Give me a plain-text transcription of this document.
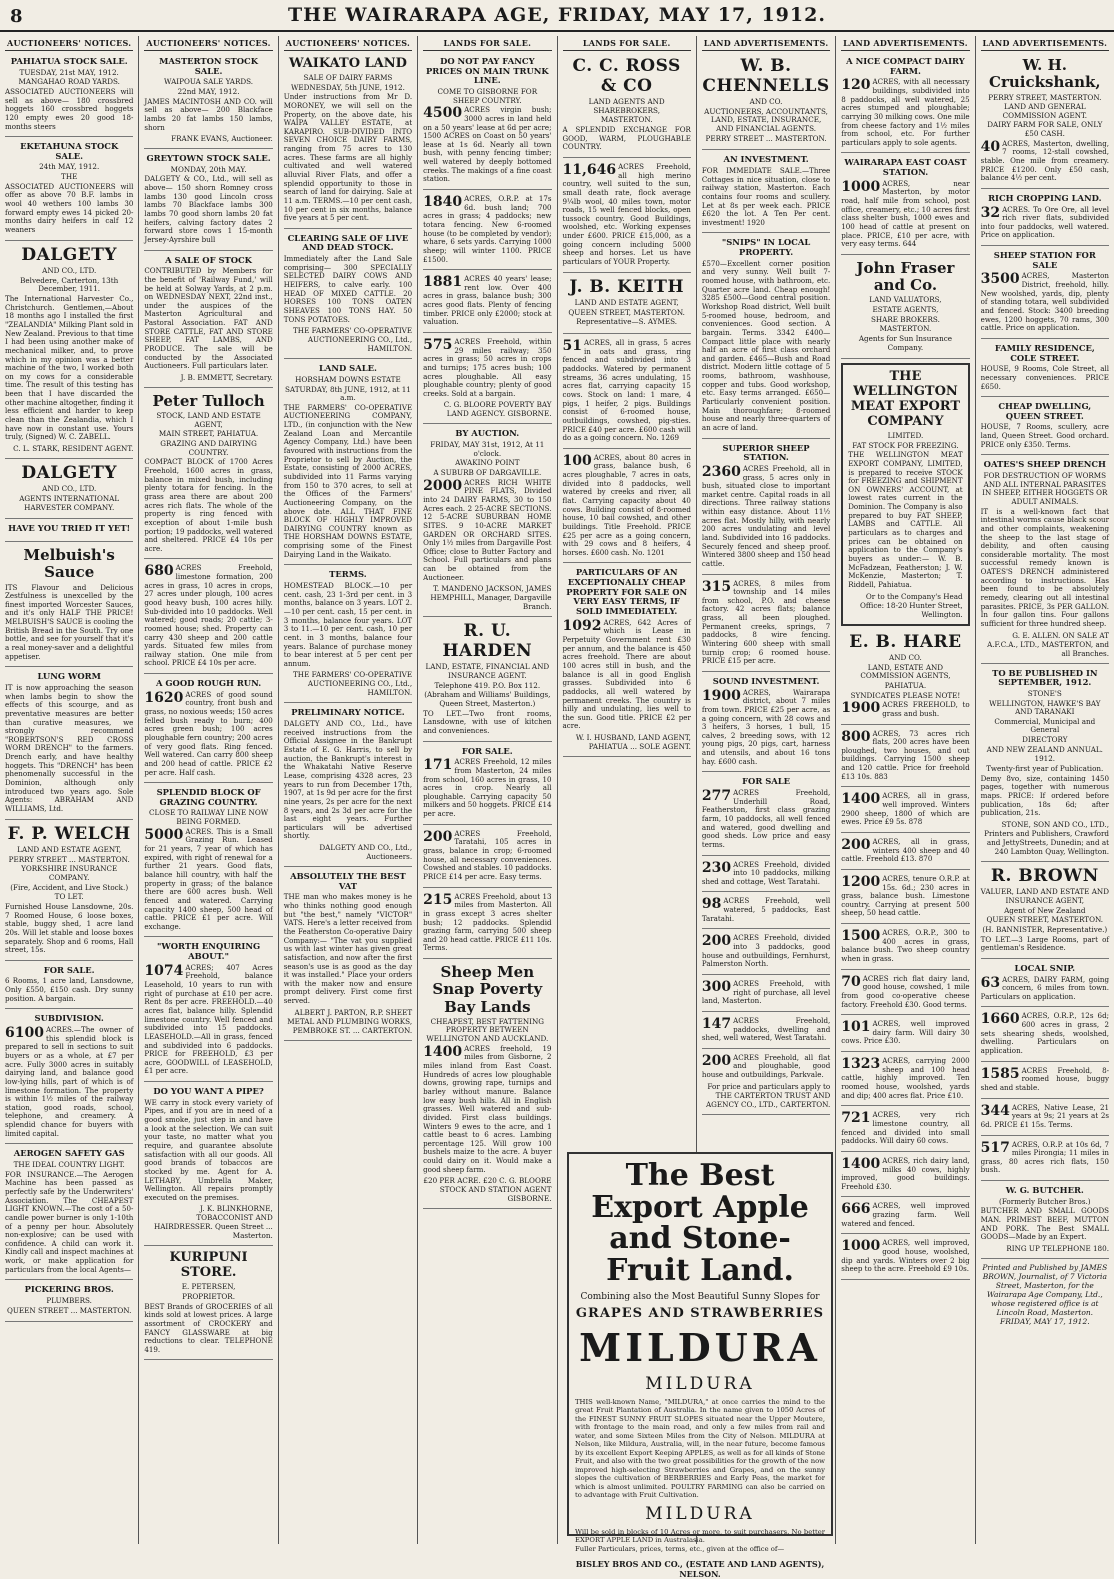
8	THE WAIRARAPA AGE, FRIDAY, MAY 17, 1912.
AUCTIONEERS' NOTICES.
PAHIATUA STOCK SALE.
TUESDAY, 21st MAY, 1912.
MANGAHAO ROAD YARDS.
ASSOCIATED AUCTIONEERS will sell as above— 180 crossbred hoggets 160 crossbred hoggets 120 empty ewes 20 good 18-months steers
EKETAHUNA STOCK SALE.
24th MAY, 1912.
THE
ASSOCIATED AUCTIONEERS will offer as above 70 B.F. lambs in wool 40 wethers 100 lambs 30 forward empty ewes 14 picked 20-months dairy heifers in calf 12 weaners
DALGETY
AND CO., LTD.
Belvedere, Carterton, 13th December, 1911.
The International Harvester Co., Christchurch. Gentlemen,—About 18 months ago I installed the first "ZEALANDIA" Milking Plant sold in New Zealand. Previous to that time I had been using another make of mechanical milker, and, to prove which in my opinion was a better machine of the two, I worked both on my cows for a considerable time. The result of this testing has been that I have discarded the other machine altogether, finding it less efficient and harder to keep clean than the Zealandia, which I have now in constant use. Yours truly, (Signed) W. C. ZABELL.
C. L. STARK, RESIDENT AGENT.
DALGETY
AND CO., LTD.
AGENTS INTERNATIONAL HARVESTER COMPANY.
HAVE YOU TRIED IT YET!
Melbuish's Sauce
ITS Flavour and Delicious Zestfulness is unexcelled by the finest imported Worcester Sauces, and it's only HALF THE PRICE! MELBUISH'S SAUCE is cooling the British Bread in the South. Try one bottle, and see for yourself that it's a real money-saver and a delightful appetiser.
LUNG WORM
IT is now approaching the season when lambs begin to show the effects of this scourge, and as preventative measures are better than curative measures, we strongly recommend "ROBERTSON'S RED CROSS WORM DRENCH" to the farmers. Drench early, and have healthy hoggets. This "DRENCH" has been phenomenally successful in the Dominion, although only introduced two years ago. Sole Agents: ABRAHAM AND WILLIAMS, Ltd.
F. P. WELCH
LAND AND ESTATE AGENT,
PERRY STREET ... MASTERTON.
YORKSHIRE INSURANCE COMPANY.
(Fire, Accident, and Live Stock.)
TO LET.
Furnished House Lansdowne, 20s. 7 Roomed House, 6 loose boxes, stable, buggy shed, 1 acre land 20s. Will let stable and loose boxes separately. Shop and 6 rooms, Hall street, 15s.
FOR SALE.
6 Rooms, 1 acre land, Lansdowne, Only £550, £150 cash. Dry sunny position. A bargain.
SUBDIVISION.
6100 ACRES.—The owner of this splendid block is prepared to sell in sections to suit buyers or as a whole, at £7 per acre. Fully 3000 acres in suitably dairying land, and balance good low-lying hills, part of which is of limestone formation. The property is within 1½ miles of the railway station, good roads, school, telephone, and creamery. A splendid chance for buyers with limited capital.
AEROGEN SAFETY GAS
THE IDEAL COUNTRY LIGHT.
FOR INSURANCE.—The Aerogen Machine has been passed as perfectly safe by the Underwriters' Association. The CHEAPEST LIGHT KNOWN.—The cost of a 50-candle power burner is only 1-10th of a penny per hour. Absolutely non-explosive; can be used with confidence. A child can work it. Kindly call and inspect machines at work, or make application for particulars from the local Agents—
PICKERING BROS.
PLUMBERS.
QUEEN STREET ... MASTERTON.
AUCTIONEERS' NOTICES.
MASTERTON STOCK SALE.
WAIPOUA SALE YARDS.
22nd MAY, 1912.
JAMES MACINTOSH AND CO. will sell as above— 200 Blackface lambs 20 fat lambs 150 lambs, shorn
FRANK EVANS, Auctioneer.
GREYTOWN STOCK SALE.
MONDAY, 20th MAY.
DALGETY & CO., Ltd., will sell as above— 150 shorn Romney cross lambs 130 good Lincoln cross lambs 70 Blackface lambs 300 lambs 70 good shorn lambs 20 fat heifers, calving factory dates 2 forward store cows 1 15-month Jersey-Ayrshire bull
A SALE OF STOCK
CONTRIBUTED by Members for the benefit of 'Railway Fund,' will be held at Solway Yards, at 2 p.m. on WEDNESDAY NEXT, 22nd inst., under the auspices of the Masterton Agricultural and Pastoral Association. FAT AND STORE CATTLE, FAT AND STORE SHEEP, FAT LAMBS, AND PRODUCE. The sale will be conducted by the Associated Auctioneers. Full particulars later.
J. B. EMMETT, Secretary.
Peter Tulloch
STOCK, LAND AND ESTATE AGENT,
MAIN STREET, PAHIATUA.
GRAZING AND DAIRYING COUNTRY.
COMPACT BLOCK of 1700 Acres Freehold, 1600 acres in grass, balance in mixed bush, including plenty totara for fencing. In the grass area there are about 200 acres rich flats. The whole of the property is ring fenced with exception of about 1-mile bush portion; 19 paddocks, well watered and sheltered. PRICE £4 10s per acre.
680 ACRES Freehold, limestone formation, 200 acres in grass, 10 acres in crops, 27 acres under plough, 100 acres good heavy bush, 100 acres hilly. Sub-divided into 10 paddocks. Well watered; good roads; 20 cattle; 3-roomed house; shed. Property can carry 430 sheep and 200 cattle yards. Situated few miles from railway station. One mile from school. PRICE £4 10s per acre.
A GOOD ROUGH RUN.
1620 ACRES of good sound country, front bush and grass, no noxious weeds; 150 acres felled bush ready to burn; 400 acres green bush; 100 acres ploughable fern country; 200 acres of very good flats. Ring fenced. Well watered. Can carry 800 sheep and 200 head of cattle. PRICE £2 per acre. Half cash.
SPLENDID BLOCK OF GRAZING COUNTRY.
CLOSE TO RAILWAY LINE NOW BEING FORMED.
5000 ACRES. This is a Small Grazing Run. Leased for 21 years, 7 year of which has expired, with right of renewal for a further 21 years. Good flats, balance hill country, with half the property in grass; of the balance there are 600 acres bush. Well fenced and watered. Carrying capacity 1400 sheep, 500 head of cattle. PRICE £1 per acre. Will exchange.
"WORTH ENQUIRING ABOUT."
1074 ACRES; 407 Acres Freehold, balance Leasehold, 10 years to run with right of purchase at £10 per acre. Rent 8s per acre. FREEHOLD.—40 acres flat, balance hilly. Splendid limestone country. Well fenced and subdivided into 15 paddocks. LEASEHOLD.—All in grass, fenced and subdivided into 6 paddocks. PRICE for FREEHOLD, £3 per acre, GOODWILL of LEASEHOLD, £1 per acre.
DO YOU WANT A PIPE?
WE carry in stock every variety of Pipes, and if you are in need of a good smoke, just step in and have a look at the selection. We can suit your taste, no matter what you require, and guarantee absolute satisfaction with all our goods. All good brands of tobaccos are stocked by me. Agent for A. LETHABY, Umbrella Maker, Wellington. All repairs promptly executed on the premises.
J. K. BLINKHORNE, TOBACCONIST AND HAIRDRESSER. Queen Street ... Masterton.
KURIPUNI STORE.
E. PETERSEN,
PROPRIETOR.
BEST Brands of GROCERIES of all kinds sold at lowest prices. A large assortment of CROCKERY and FANCY GLASSWARE at big reductions to clear. TELEPHONE 419.
AUCTIONEERS' NOTICES.
WAIKATO LAND
SALE OF DAIRY FARMS
WEDNESDAY, 5th JUNE, 1912.
Under instructions from Mr D. MORONEY, we will sell on the Property, on the above date, his WAIPA VALLEY ESTATE, at KARAPIRO. SUB-DIVIDED INTO SEVEN CHOICE DAIRY FARMS, ranging from 75 acres to 130 acres. These farms are all highly cultivated and well watered alluvial River Flats, and offer a splendid opportunity to those in search of land for dairying. Sale at 11 a.m. TERMS.—10 per cent cash, 10 per cent in six months, balance five years at 5 per cent.
CLEARING SALE OF LIVE AND DEAD STOCK.
Immediately after the Land Sale comprising— 300 SPECIALLY SELECTED DAIRY COWS AND HEIFERS, to calve early. 100 HEAD OF MIXED CATTLE. 20 HORSES 100 TONS OATEN SHEAVES 100 TONS HAY. 50 TONS POTATOES.
THE FARMERS' CO-OPERATIVE AUCTIONEERING CO., Ltd., HAMILTON.
LAND SALE.
HORSHAM DOWNS ESTATE
SATURDAY, 8th JUNE, 1912, at 11 a.m.
THE FARMERS' CO-OPERATIVE AUCTIONEERING COMPANY, LTD., (in conjunction with the New Zealand Loan and Mercantile Agency Company, Ltd.) have been favoured with instructions from the Proprietor to sell by Auction, the Estate, consisting of 2000 ACRES, subdivided into 11 Farms varying from 150 to 370 acres, to sell at the Offices of the Farmers' Auctioneering Company, on the above date. ALL THAT FINE BLOCK OF HIGHLY IMPROVED DAIRYING COUNTRY known as THE HORSHAM DOWNS ESTATE, comprising some of the Finest Dairying Land in the Waikato.
TERMS.
HOMESTEAD BLOCK.—10 per cent. cash, 23 1-3rd per cent. in 3 months, balance on 3 years. LOT 2.—10 per cent. cash, 15 per cent. in 3 months, balance four years. LOT 3 to 11.—10 per cent. cash, 10 per cent. in 3 months, balance four years. Balance of purchase money to bear interest at 5 per cent per annum.
THE FARMERS' CO-OPERATIVE AUCTIONEERING CO., Ltd., HAMILTON.
PRELIMINARY NOTICE.
DALGETY AND CO., Ltd., have received instructions from the Official Assignee in the Bankrupt Estate of E. G. Harris, to sell by auction, the Bankrupt's interest in the Whakatahi Native Reserve Lease, comprising 4328 acres, 23 years to run from December 17th, 1907, at 1s 9d per acre for the first nine years, 2s per acre for the next 8 years, and 2s 3d per acre for the last eight years. Further particulars will be advertised shortly.
DALGETY AND CO., Ltd., Auctioneers.
ABSOLUTELY THE BEST VAT
THE man who makes money is he who thinks nothing good enough but "the best," namely "VICTOR" VATS. Here's a letter received from the Featherston Co-operative Dairy Company:— "The vat you supplied us with last winter has given great satisfaction, and now after the first season's use is as good as the day it was installed." Place your orders with the maker now and ensure prompt delivery. First come first served.
ALBERT J. PARTON, R.P. SHEET METAL AND PLUMBING WORKS, PEMBROKE ST. ... CARTERTON.
LANDS FOR SALE.
DO NOT PAY FANCY PRICES ON MAIN TRUNK LINE.
COME TO GISBORNE FOR SHEEP COUNTRY.
4500 ACRES virgin bush; 3000 acres in land held on a 50 years' lease at 6d per acre; 1500 ACRES on Coast on 50 years' lease at 1s 6d. Nearly all town bush, with penny fencing timber; well watered by deeply bottomed creeks. The makings of a fine coast station.
1840 ACRES, O.R.P. at 17s 6d. bush land; 700 acres in grass; 4 paddocks; new totara fencing. New 6-roomed house (to be completed by vendor); whare, 6 sets yards. Carrying 1000 sheep; will winter 1100. PRICE £1500.
1881 ACRES 40 years' lease; rent low. Over 400 acres in grass, balance bush; 300 acres good flats. Plenty of fencing timber. PRICE only £2000; stock at valuation.
575 ACRES Freehold, within 29 miles railway; 350 acres in grass; 50 acres in crops and turnips; 175 acres bush; 100 acres ploughable. All easy ploughable country; plenty of good creeks. Sold at a bargain.
C. G. BLOORE POVERTY BAY LAND AGENCY. GISBORNE.
BY AUCTION.
FRIDAY, MAY 31st, 1912, At 11 o'clock.
AWAKINO POINT
A SUBURB OF DARGAVILLE.
2000 ACRES RICH WHITE PINE FLATS, Divided into 24 DAIRY FARMS, 30 to 150 Acres each. 2 25-ACRE SECTIONS. 12 5-ACRE SUBURBAN HOME SITES. 9 10-ACRE MARKET GARDEN OR ORCHARD SITES. Only 1½ miles from Dargaville Post Office; close to Butter Factory and School. Full particulars and plans can be obtained from the Auctioneer.
T. MANDENO JACKSON, JAMES HEMPHILL, Manager, Dargaville Branch.
R. U. HARDEN
LAND, ESTATE, FINANCIAL AND INSURANCE AGENT.
Telephone 419. P.O. Box 112.
(Abraham and Williams' Buildings, Queen Street, Masterton.)
TO LET.—Two front rooms, Lansdowne, with use of kitchen and conveniences.
FOR SALE.
171 ACRES Freehold, 12 miles from Masterton, 24 miles from school, 160 acres in grass, 10 acres in crop. Nearly all ploughable. Carrying capacity 50 milkers and 50 hoggets. PRICE £14 per acre.
200 ACRES Freehold, Taratahi, 105 acres in grass, balance in crop; 6-roomed house, all necessary conveniences. Cowshed and stables. 10 paddocks. PRICE £14 per acre. Easy terms.
215 ACRES Freehold, about 13 miles from Masterton. All in grass except 3 acres shelter bush; 12 paddocks. Splendid grazing farm, carrying 500 sheep and 20 head cattle. PRICE £11 10s. Terms.
Sheep Men Snap Poverty Bay Lands
CHEAPEST, BEST FATTENING PROPERTY BETWEEN WELLINGTON AND AUCKLAND.
1400 ACRES freehold, 19 miles from Gisborne, 2 miles inland from East Coast. Hundreds of acres low ploughable downs, growing rape, turnips and barley without manure. Balance low easy bush hills. All in English grasses. Well watered and sub-divided. First class buildings. Winters 9 ewes to the acre, and 1 cattle beast to 6 acres. Lambing percentage 125. Will grow 100 bushels maize to the acre. A buyer could dairy on it. Would make a good sheep farm.
£20 PER ACRE. £20 C. G. BLOORE STOCK AND STATION AGENT GISBORNE.
LANDS FOR SALE.
C. C. ROSS & CO
LAND AGENTS AND SHAREBROKERS,
MASTERTON.
A SPLENDID EXCHANGE FOR GOOD, WARM, PLOUGHABLE COUNTRY.
11,646 ACRES Freehold, all high merino country, well suited to the sun, small death rate, flock average 9¼lb wool, 40 miles town, motor roads, 15 well fenced blocks, open tussock country. Good Buildings, woolshed, etc. Working expenses under £600. PRICE £15,000, as a going concern including 5000 sheep and horses. Let us have particulars of YOUR Property.
J. B. KEITH
LAND AND ESTATE AGENT,
QUEEN STREET, MASTERTON.
Representative—S. AYMES.
51 ACRES, all in grass, 5 acres in oats and grass, ring fenced and subdivided into 3 paddocks. Watered by permanent streams, 36 acres undulating, 15 acres flat, carrying capacity 15 cows. Stock on land: 1 mare, 4 pigs, 1 heifer, 2 pigs. Buildings consist of 6-roomed house, outbuildings, cowshed, pig-sties. PRICE £40 per acre. £600 cash will do as a going concern. No. 1269
100 ACRES, about 80 acres in grass, balance bush, 6 acres ploughable, 7 acres in oats, divided into 8 paddocks, well watered by creeks and river, all flat. Carrying capacity about 40 cows. Building consist of 8-roomed house, 10 bail cowshed, and other buildings. Title Freehold. PRICE £25 per acre as a going concern, with 29 cows and 8 heifers, 4 horses. £600 cash. No. 1201
PARTICULARS OF AN EXCEPTIONALLY CHEAP PROPERTY FOR SALE ON VERY EASY TERMS, IF SOLD IMMEDIATELY.
1092 ACRES, 642 Acres of which is Lease in Perpetuity Government rent £30 per annum, and the balance is 450 acres freehold. There are about 100 acres still in bush, and the balance is all in good English grasses. Subdivided into 6 paddocks, all well watered by permanent creeks. The country is hilly and undulating, lies well to the sun. Good title. PRICE £2 per acre.
W. I. HUSBAND, LAND AGENT, PAHIATUA ... SOLE AGENT.
LAND ADVERTISEMENTS.
W. B. CHENNELLS
AND CO.
AUCTIONEERS, ACCOUNTANTS, LAND, ESTATE, INSURANCE, AND FINANCIAL AGENTS.
PERRY STREET ... MASTERTON.
AN INVESTMENT.
FOR IMMEDIATE SALE.—Three Cottages in nice situation, close to railway station, Masterton. Each contains four rooms and scullery. Let at 8s per week each. PRICE £620 the lot. A Ten Per cent. investment! 1920
"SNIPS" IN LOCAL PROPERTY.
£570—Excellent corner position and very sunny. Well built 7-roomed house, with bathroom, etc. Quarter acre land. Cheap enough! 3285 £500—Good central position. Workshop Road district, Well built 5-roomed house, bedroom, and conveniences. Good section. A bargain. Terms. 3342 £400—Compact little place with nearly half an acre of first class orchard and garden. £465—Bush and Road district. Modern little cottage of 5 rooms, bathroom, washhouse, copper and tubs. Good workshop, etc. Easy terms arranged. £650—Particularly convenient position. Main thoroughfare; 8-roomed house and nearly three-quarters of an acre of land.
SUPERIOR SHEEP STATION.
2360 ACRES Freehold, all in grass, 5 acres only in bush, situated close to important market centre. Capital roads in all directions. Three railway stations within easy distance. About 11½ acres flat. Mostly hilly, with nearly 200 acres undulating and level land. Subdivided into 16 paddocks. Securely fenced and sheep proof. Wintered 3800 sheep and 150 head cattle.
315 ACRES, 8 miles from township and 14 miles from school, P.O. and cheese factory. 42 acres flats; balance grass, all been ploughed. Permanent creeks, springs, 7 paddocks, 8 wire fencing. Wintering 600 sheep with small turnip crop; 6 roomed house. PRICE £15 per acre.
SOUND INVESTMENT.
1900 ACRES, Wairarapa district, about 7 miles from town. PRICE £25 per acre, as a going concern, with 28 cows and 3 heifers, 3 horses, 1 bull, 15 calves, 2 breeding sows, with 12 young pigs, 20 pigs, cart, harness and utensils, and about 16 tons hay. £600 cash.
FOR SALE
277 ACRES Freehold, Underhill Road, Featherston, first class grazing farm, 10 paddocks, all well fenced and watered, good dwelling and good sheds. Low price and easy terms.
230 ACRES Freehold, divided into 10 paddocks, milking shed and cottage, West Taratahi.
98 ACRES Freehold, well watered, 5 paddocks, East Taratahi.
200 ACRES Freehold, divided into 3 paddocks, good house and outbuildings, Fernhurst, Palmerston North.
300 ACRES Freehold, with right of purchase, all level land, Masterton.
147 ACRES Freehold, paddocks, dwelling and shed, well watered, West Taratahi.
200 ACRES Freehold, all flat and ploughable, good house and outbuildings, Parkvale.
For price and particulars apply to THE CARTERTON TRUST AND AGENCY CO., LTD., CARTERTON.
LAND ADVERTISEMENTS.
A NICE COMPACT DAIRY FARM.
120 ACRES, with all necessary buildings, subdivided into 8 paddocks, all well watered, 25 acres stumped and ploughable; carrying 30 milking cows. One mile from cheese factory and 1½ miles from school, etc. For further particulars apply to sole agents.
WAIRARAPA EAST COAST STATION.
1000 ACRES, near Masterton, by motor road, half mile from school, post office, creamery, etc.; 10 acres first class shelter bush, 1000 ewes and 100 head of cattle at present on place. PRICE, £10 per acre, with very easy terms. 644
John Fraser and Co.
LAND VALUATORS,
ESTATE AGENTS,
SHARE BROKERS.
MASTERTON.
Agents for Sun Insurance Company.
THE WELLINGTON MEAT EXPORT COMPANY
LIMITED.
FAT STOCK FOR FREEZING.
THE WELLINGTON MEAT EXPORT COMPANY, LIMITED, is prepared to receive STOCK for FREEZING and SHIPMENT ON OWNERS' ACCOUNT, at lowest rates current in the Dominion. The Company is also prepared to buy FAT SHEEP, LAMBS and CATTLE. All particulars as to charges and prices can be obtained on application to the Company's buyers as under:— W. B. McFadzean, Featherston; J. W. McKenzie, Masterton; T. Riddell, Pahiatua.
Or to the Company's Head Office: 18-20 Hunter Street, Wellington.
E. B. HARE
AND CO.
LAND, ESTATE AND COMMISSION AGENTS,
PAHIATUA.
SYNDICATES PLEASE NOTE!
1900 ACRES FREEHOLD, to grass and bush.
800 ACRES, 73 acres rich flats, 200 acres have been ploughed, two houses, and out buildings. Carrying 1500 sheep and 120 cattle. Price for freehold £13 10s. 883
1400 ACRES, all in grass, well improved. Winters 2900 sheep, 1800 of which are ewes. Price £9 5s. 878
200 ACRES, all in grass, winters 400 sheep and 40 cattle. Freehold £13. 870
1200 ACRES, tenure O.R.P. at 15s. 6d.; 230 acres in grass, balance bush. Limestone country. Carrying at present 500 sheep, 50 head cattle.
1500 ACRES, O.R.P., 300 to 400 acres in grass, balance bush. Two sheep country when in grass.
70 ACRES rich flat dairy land, good house, cowshed, 1 mile from good co-operative cheese factory. Freehold £30. Good terms.
101 ACRES, well improved dairy farm. Will dairy 30 cows. Price £30.
1323 ACRES, carrying 2000 sheep and 100 head cattle, highly improved. Ten roomed house, woolshed, yards and dip; 400 acres flat. Price £10.
721 ACRES, very rich limestone country, all fenced and divided into small paddocks. Will dairy 60 cows.
1400 ACRES, rich dairy land, milks 40 cows, highly improved, good buildings. Freehold £30.
666 ACRES, well improved grazing farm. Well watered and fenced.
1000 ACRES, well improved, good house, woolshed, dip and yards. Winters over 2 big sheep to the acre. Freehold £9 10s.
LAND ADVERTISEMENTS.
W. H. Cruickshank,
PERRY STREET, MASTERTON.
LAND AND GENERAL COMMISSION AGENT.
DAIRY FARM FOR SALE, ONLY £50 CASH.
40 ACRES, Masterton, dwelling, 7 rooms, 12-stall cowshed, stable. One mile from creamery. PRICE £1200. Only £50 cash, balance 4½ per cent.
RICH CROPPING LAND.
32 ACRES. To Ore Ore, all level rich river flats, subdivided into four paddocks, well watered. Price on application.
SHEEP STATION FOR SALE
3500 ACRES, Masterton District, freehold, hilly. New woolshed, yards, dip, plenty of standing totara, well subdivided and fenced. Stock: 3400 breeding ewes, 1200 hoggets, 70 rams, 300 cattle. Price on application.
FAMILY RESIDENCE, COLE STREET.
HOUSE, 9 Rooms, Cole Street, all necessary conveniences. PRICE £650.
CHEAP DWELLING, QUEEN STREET.
HOUSE, 7 Rooms, scullery, acre land, Queen Street. Good orchard. PRICE only £350. Terms.
OATES'S SHEEP DRENCH
FOR DESTRUCTION OF WORMS AND ALL INTERNAL PARASITES IN SHEEP, EITHER HOGGETS OR ADULT ANIMALS.
IT is a well-known fact that intestinal worms cause black scour and other complaints, weakening the sheep to the last stage of debility, and often causing considerable mortality. The most successful remedy known is OATES'S DRENCH administered according to instructions. Has been found to be absolutely remedy, clearing out all intestinal parasites. PRICE, 3s PER GALLON. In four gallon tins. Four gallons sufficient for three hundred sheep.
G. E. ALLEN. ON SALE AT A.F.C.A., LTD., MASTERTON, and all Branches.
TO BE PUBLISHED IN SEPTEMBER, 1912.
STONE'S
WELLINGTON, HAWKE'S BAY AND TARANAKI
Commercial, Municipal and General
DIRECTORY
AND NEW ZEALAND ANNUAL.
1912.
Twenty-first year of Publication.
Demy 8vo, size, containing 1450 pages, together with numerous maps. PRICE: If ordered before publication, 18s 6d; after publication, 21s.
STONE, SON AND CO., LTD., Printers and Publishers, Crawford and JettyStreets, Dunedin; and at 240 Lambton Quay, Wellington.
R. BROWN
VALUER, LAND AND ESTATE AND INSURANCE AGENT,
Agent of New Zealand
QUEEN STREET, MASTERTON.
(H. BANNISTER, Representative.)
TO LET.—3 Large Rooms, part of gentleman's Residence.
LOCAL SNIP.
63 ACRES, DAIRY FARM, going concern, 6 miles from town. Particulars on application.
1660 ACRES, O.R.P., 12s 6d; 600 acres in grass, 2 sets shearing sheds, woolshed, dwelling. Particulars on application.
1585 ACRES Freehold, 8-roomed house, buggy shed and stable.
344 ACRES, Native Lease, 21 years at 9s; 21 years at 2s 6d. PRICE £1 15s. Terms.
517 ACRES, O.R.P. at 10s 6d, 7 miles Pirongia; 11 miles in grass, 80 acres rich flats, 150 bush.
W. G. BUTCHER.
(Formerly Butcher Bros.)
BUTCHER AND SMALL GOODS MAN. PRIMEST BEEF, MUTTON AND PORK. The Best SMALL GOODS—Made by an Expert.
RING UP TELEPHONE 180.
Printed and Published by JAMES BROWN, Journalist, of 7 Victoria Street, Masterton, for the Wairarapa Age Company, Ltd., whose registered office is at Lincoln Road, Masterton. FRIDAY, MAY 17, 1912.
The Best Export Apple and Stone-Fruit Land.
Combining also the Most Beautiful Sunny Slopes for
GRAPES AND STRAWBERRIES
MILDURA
MILDURA
THIS well-known Name, "MILDURA," at once carries the mind to the great Fruit Plantation of Australia. In the name given to 1050 Acres of the FINEST SUNNY FRUIT SLOPES situated near the Upper Moutere, with frontage to the main road, and only a few miles from rail and water, and some Sixteen Miles from the City of Nelson. MILDURA at Nelson, like Mildura, Australia, will, in the near future, become famous by its excellent Export Keeping APPLES, as well as for all kinds of Stone Fruit, and also with the two great possibilities for the growth of the now improved high-selecting Strawberries and Grapes, and on the sunny slopes the cultivation of BERBERRIES and Early Peas, the market for which is almost unlimited. POULTRY FARMING can also be carried on to advantage with Fruit Cultivation.
MILDURA
Will be sold in blocks of 10 Acres or more, to suit purchasers. No better EXPORT APPLE LAND in Australasia.
Fuller Particulars, prices, terms, etc., given at the office of—
BISLEY BROS AND CO., (ESTATE AND LAND AGENTS), NELSON.
